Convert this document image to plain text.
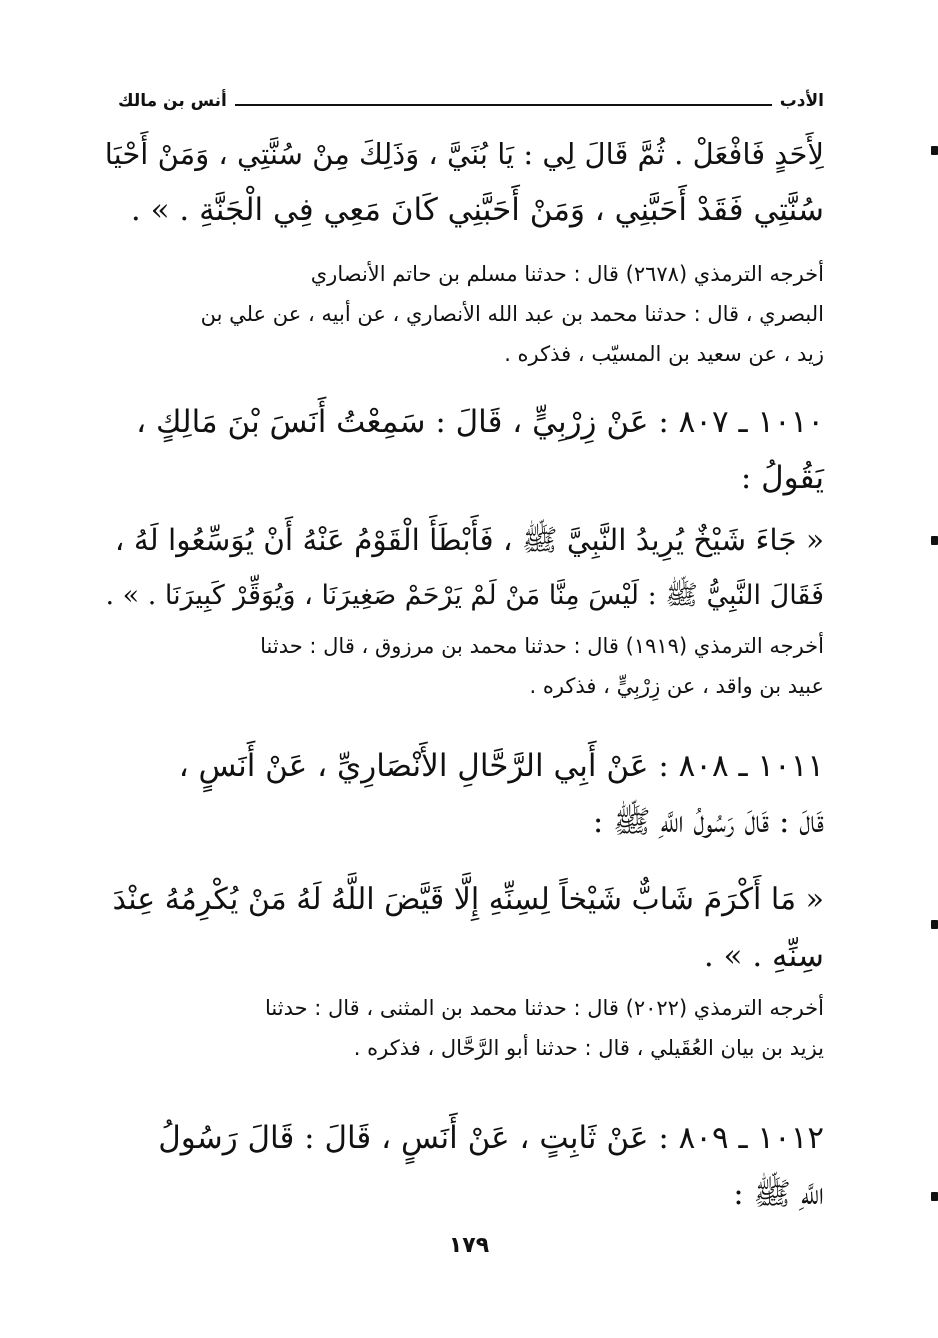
الأدب
أنس بن مالك
لِأَحَدٍ فَافْعَلْ . ثُمَّ قَالَ لِي : يَا بُنَيَّ ، وَذَلِكَ مِنْ سُنَّتِي ، وَمَنْ أَحْيَا
سُنَّتِي فَقَدْ أَحَبَّنِي ، وَمَنْ أَحَبَّنِي كَانَ مَعِي فِي الْجَنَّةِ . » .
أخرجه الترمذي (٢٦٧٨) قال : حدثنا مسلم بن حاتم الأنصاري
البصري ، قال : حدثنا محمد بن عبد الله الأنصاري ، عن أبيه ، عن علي بن
زيد ، عن سعيد بن المسيّب ، فذكره .
١٠١٠ ـ ٨٠٧ : عَنْ زِرْبِيٍّ ، قَالَ : سَمِعْتُ أَنَسَ بْنَ مَالِكٍ ،
يَقُولُ :
« جَاءَ شَيْخٌ يُرِيدُ النَّبِيَّ ﷺ ، فَأَبْطَأَ الْقَوْمُ عَنْهُ أَنْ يُوَسِّعُوا لَهُ ،
فَقَالَ النَّبِيُّ ﷺ : لَيْسَ مِنَّا مَنْ لَمْ يَرْحَمْ صَغِيرَنَا ، وَيُوَقِّرْ كَبِيرَنَا . » .
أخرجه الترمذي (١٩١٩) قال : حدثنا محمد بن مرزوق ، قال : حدثنا
عبيد بن واقد ، عن زِرْبِيٍّ ، فذكره .
١٠١١ ـ ٨٠٨ : عَنْ أَبِي الرَّحَّالِ الأَنْصَارِيِّ ، عَنْ أَنَسٍ ،
قَالَ : قَالَ رَسُولُ اللَّهِ ﷺ :
« مَا أَكْرَمَ شَابٌّ شَيْخاً لِسِنِّهِ إِلَّا قَيَّضَ اللَّهُ لَهُ مَنْ يُكْرِمُهُ عِنْدَ
سِنِّهِ . » .
أخرجه الترمذي (٢٠٢٢) قال : حدثنا محمد بن المثنى ، قال : حدثنا
يزيد بن بيان العُقَيلي ، قال : حدثنا أبو الرَّحَّال ، فذكره .
١٠١٢ ـ ٨٠٩ : عَنْ ثَابِتٍ ، عَنْ أَنَسٍ ، قَالَ : قَالَ رَسُولُ
اللَّهِ ﷺ :
١٧٩
